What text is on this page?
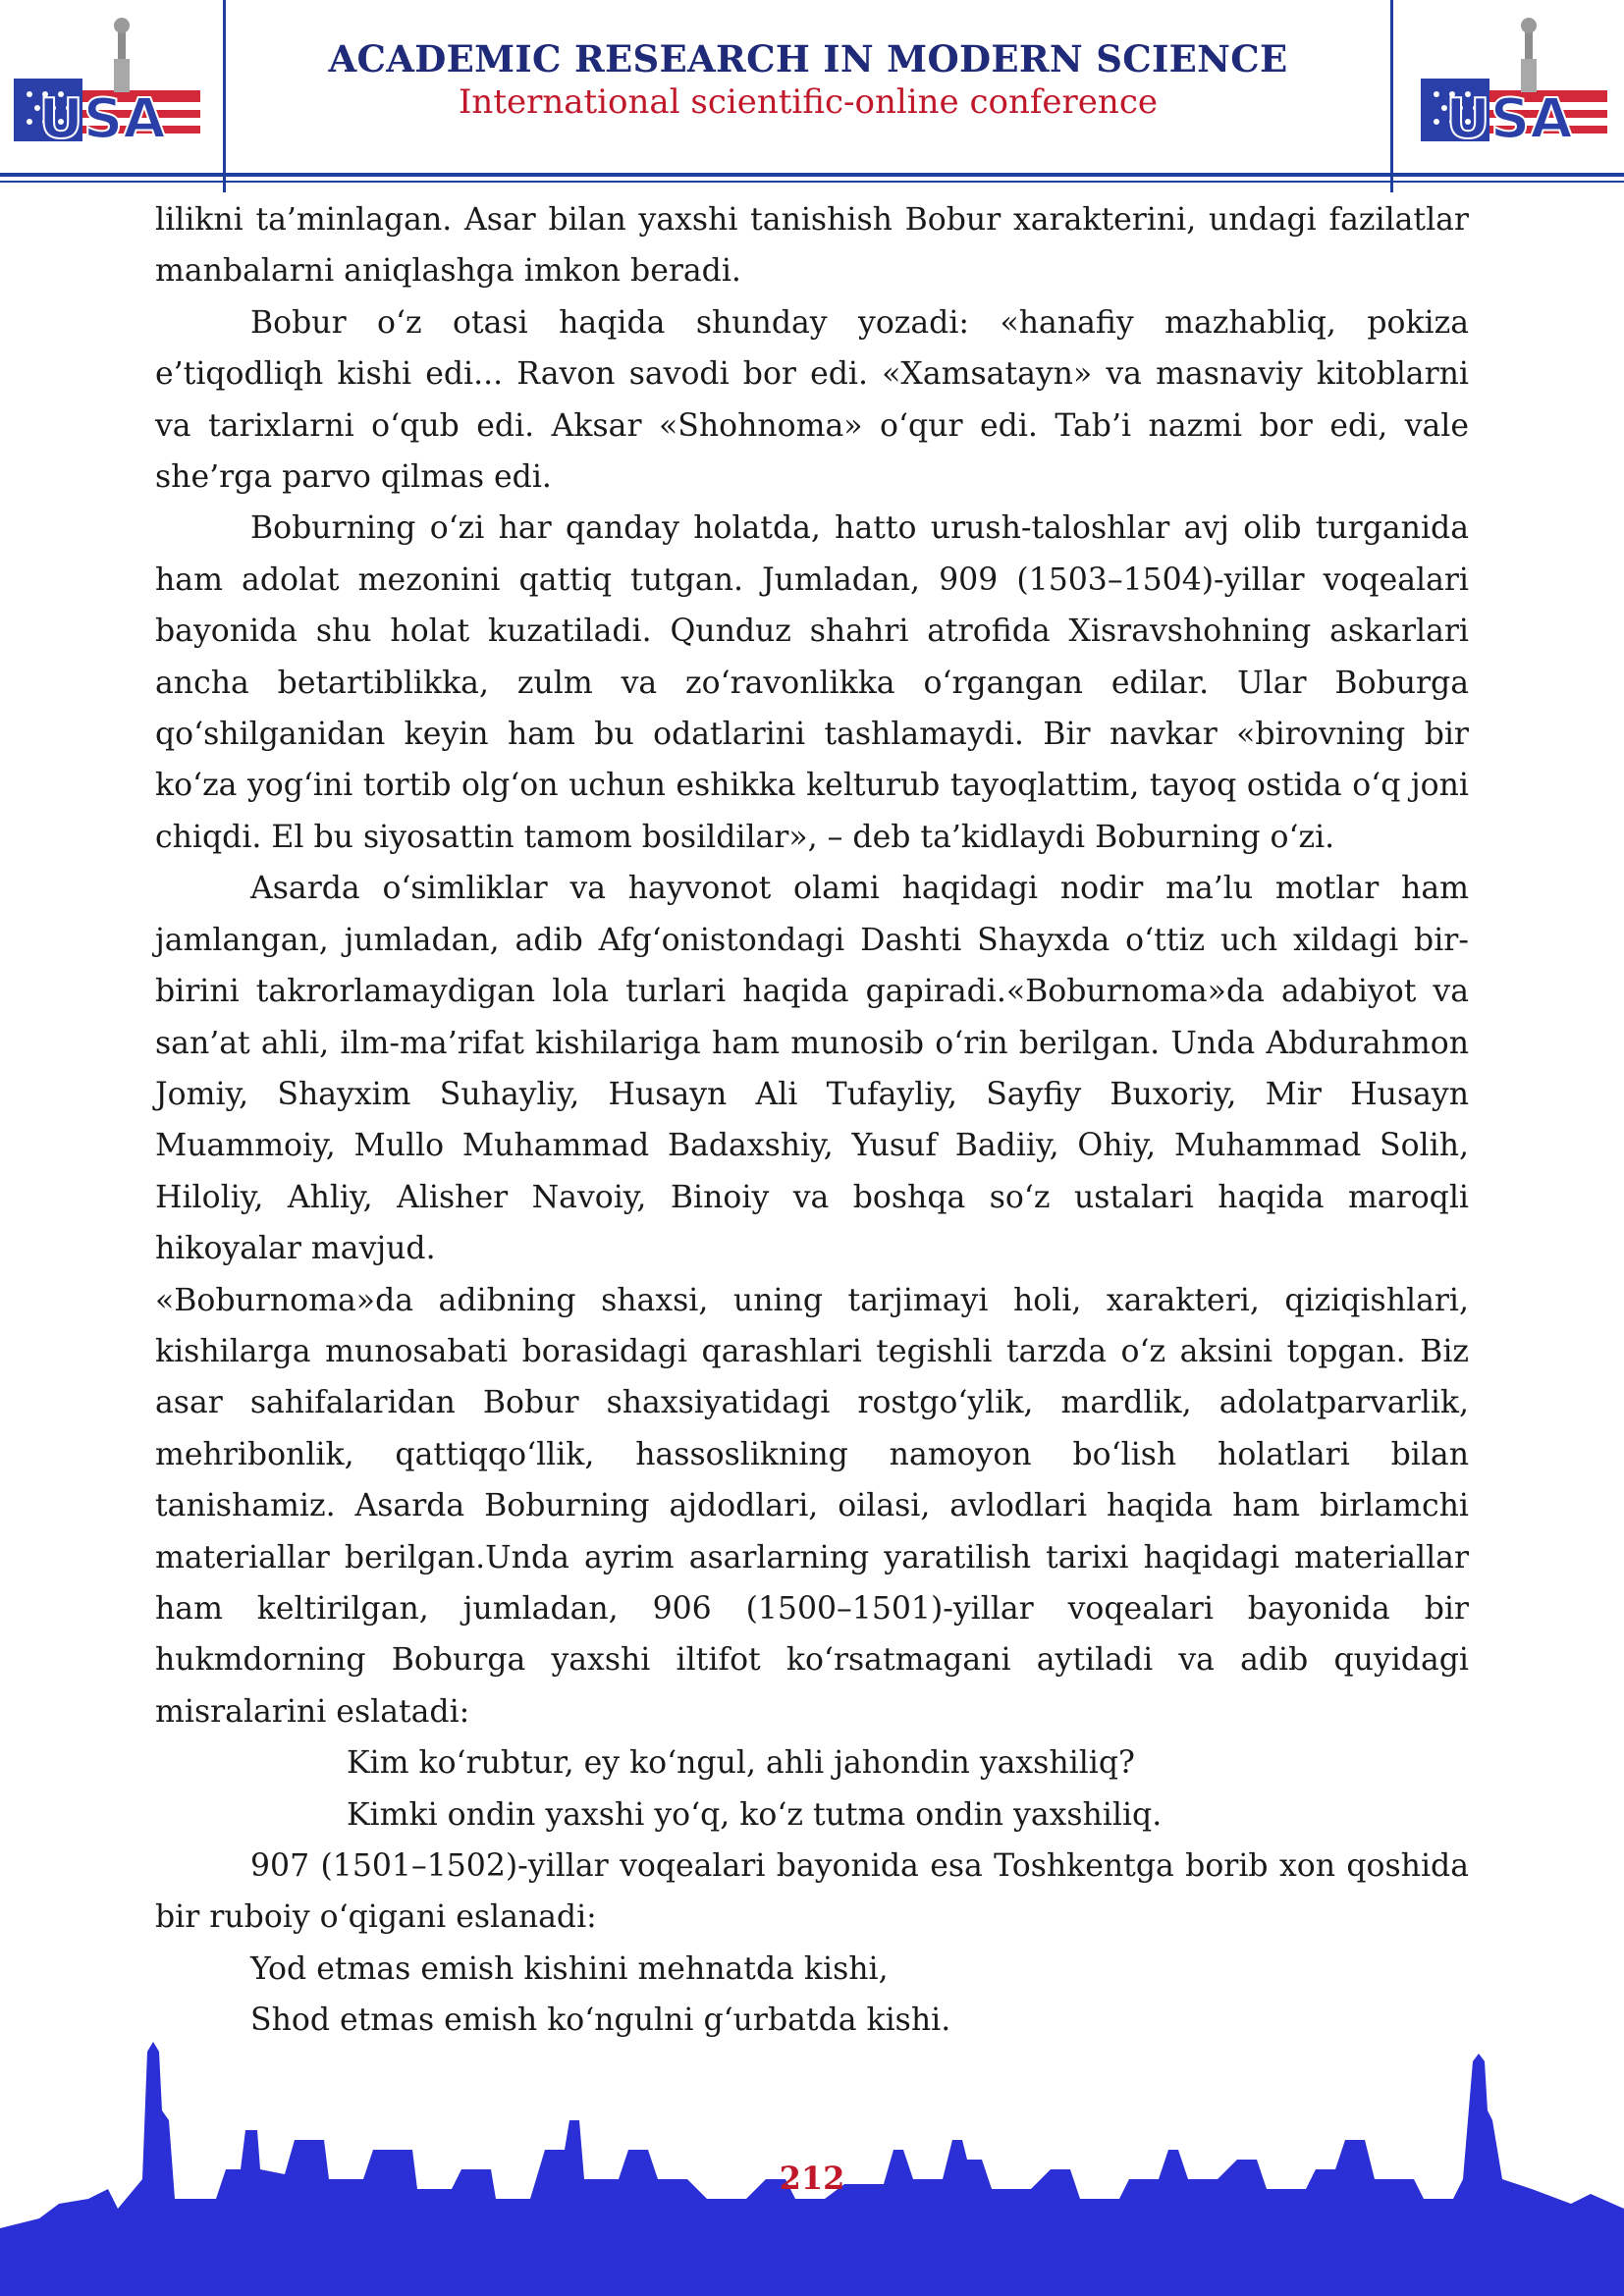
USA	USA
ACADEMIC RESEARCH IN MODERN SCIENCE
International scientific-online conference

lilikni ta’minlagan. Asar bilan yaxshi tanishish Bobur xarakterini, undagi fazilatlar manbalarni aniqlashga imkon beradi.

Bobur o‘z otasi haqida shunday yozadi: «hanafiy mazhabliq, pokiza e’tiqodliqh kishi edi... Ravon savodi bor edi. «Xamsatayn» va masnaviy kitoblarni va tarixlarni o‘qub edi. Aksar «Shohnoma» o‘qur edi. Tab’i nazmi bor edi, vale she’rga parvo qilmas edi.

Boburning o‘zi har qanday holatda, hatto urush-taloshlar avj olib turganida ham adolat mezonini qattiq tutgan. Jumladan, 909 (1503–1504)-yillar voqealari bayonida shu holat kuzatiladi. Qunduz shahri atrofida Xisravshohning askarlari ancha betartiblikka, zulm va zo‘ravonlikka o‘rgangan edilar. Ular Boburga qo‘shilganidan keyin ham bu odatlarini tashlamaydi. Bir navkar «birovning bir ko‘za yog‘ini tortib olg‘on uchun eshikka kelturub tayoqlattim, tayoq ostida o‘q joni chiqdi. El bu siyosattin tamom bosildilar», – deb ta’kidlaydi Boburning o‘zi.

Asarda o‘simliklar va hayvonot olami haqidagi nodir ma’lu motlar ham jamlangan, jumladan, adib Afg‘onistondagi Dashti Shayxda o‘ttiz uch xildagi bir-birini takrorlamaydigan lola turlari haqida gapiradi.«Boburnoma»da adabiyot va san’at ahli, ilm-ma’rifat kishilariga ham munosib o‘rin berilgan. Unda Abdurahmon Jomiy, Shayxim Suhayliy, Husayn Ali Tufayliy, Sayfiy Buxoriy, Mir Husayn Muammoiy, Mullo Muhammad Badaxshiy, Yusuf Badiiy, Ohiy, Muhammad Solih, Hiloliy, Ahliy, Alisher Navoiy, Binoiy va boshqa so‘z ustalari haqida maroqli hikoyalar mavjud.

«Boburnoma»da adibning shaxsi, uning tarjimayi holi, xarakteri, qiziqishlari, kishilarga munosabati borasidagi qarashlari tegishli tarzda o‘z aksini topgan. Biz asar sahifalaridan Bobur shaxsiyatidagi rostgo‘ylik, mardlik, adolatparvarlik, mehribonlik, qattiqqo‘llik, hassoslikning namoyon bo‘lish holatlari bilan tanishamiz. Asarda Boburning ajdodlari, oilasi, avlodlari haqida ham birlamchi materiallar berilgan.Unda ayrim asarlarning yaratilish tarixi haqidagi materiallar ham keltirilgan, jumladan, 906 (1500–1501)-yillar voqealari bayonida bir hukmdorning Boburga yaxshi iltifot ko‘rsatmagani aytiladi va adib quyidagi misralarini eslatadi:

Kim ko‘rubtur, ey ko‘ngul, ahli jahondin yaxshiliq?
Kimki ondin yaxshi yo‘q, ko‘z tutma ondin yaxshiliq.

907 (1501–1502)-yillar voqealari bayonida esa Toshkentga borib xon qoshida bir ruboiy o‘qigani eslanadi:

Yod etmas emish kishini mehnatda kishi,
Shod etmas emish ko‘ngulni g‘urbatda kishi.
212
